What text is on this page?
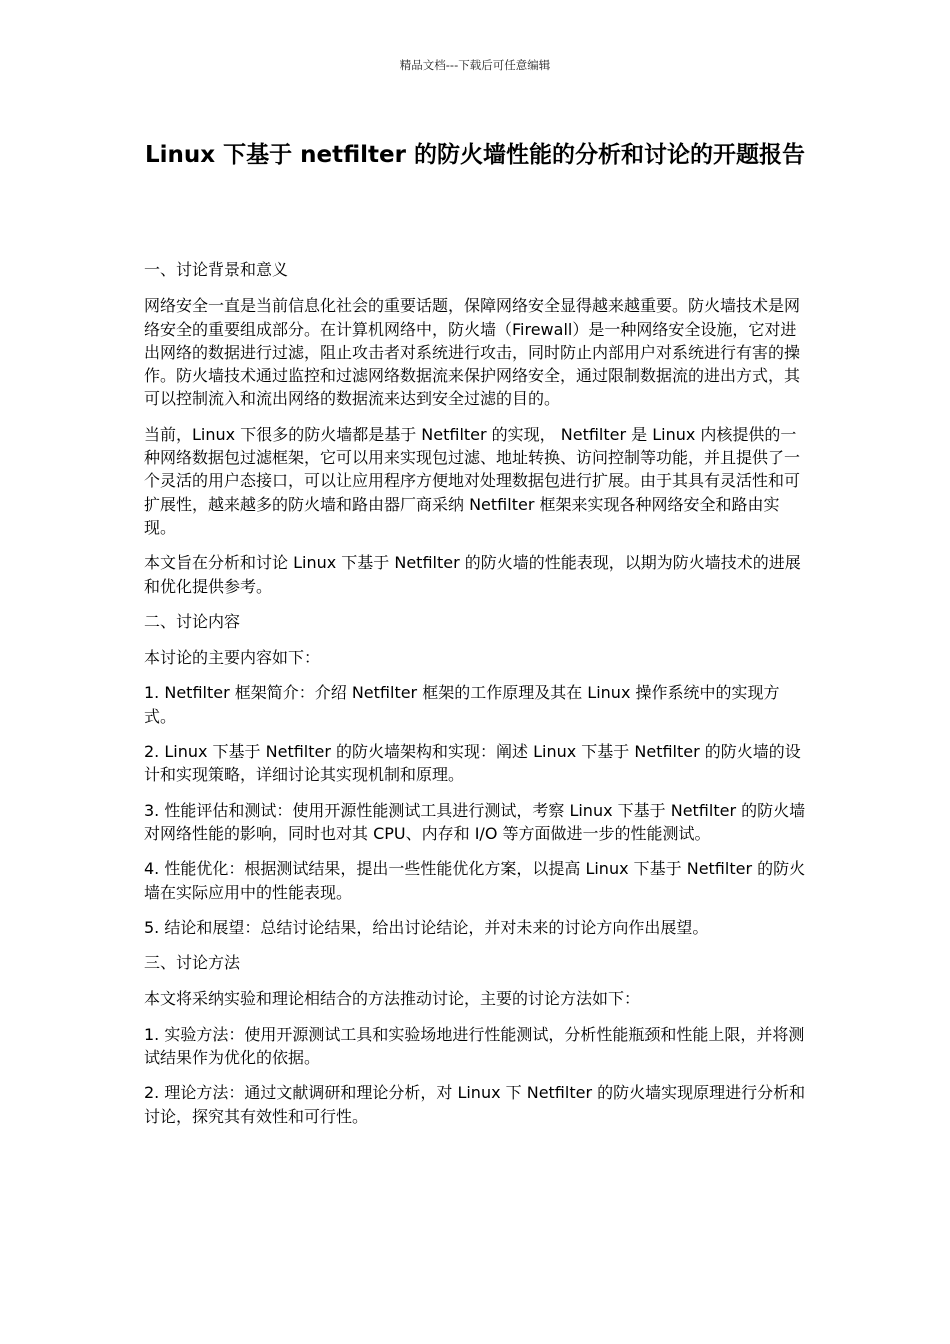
精品文档---下载后可任意编辑

Linux 下基于 netfilter 的防火墙性能的分析和讨论的开题报告

一、讨论背景和意义

网络安全一直是当前信息化社会的重要话题，保障网络安全显得越来越重要。防火墙技术是网络安全的重要组成部分。在计算机网络中，防火墙（Firewall）是一种网络安全设施，它对进出网络的数据进行过滤，阻止攻击者对系统进行攻击，同时防止内部用户对系统进行有害的操作。防火墙技术通过监控和过滤网络数据流来保护网络安全，通过限制数据流的进出方式，其可以控制流入和流出网络的数据流来达到安全过滤的目的。

当前，Linux 下很多的防火墙都是基于 Netfilter 的实现， Netfilter 是 Linux 内核提供的一种网络数据包过滤框架，它可以用来实现包过滤、地址转换、访问控制等功能，并且提供了一个灵活的用户态接口，可以让应用程序方便地对处理数据包进行扩展。由于其具有灵活性和可扩展性，越来越多的防火墙和路由器厂商采纳 Netfilter 框架来实现各种网络安全和路由实现。

本文旨在分析和讨论 Linux 下基于 Netfilter 的防火墙的性能表现，以期为防火墙技术的进展和优化提供参考。

二、讨论内容

本讨论的主要内容如下：

1. Netfilter 框架简介：介绍 Netfilter 框架的工作原理及其在 Linux 操作系统中的实现方式。

2. Linux 下基于 Netfilter 的防火墙架构和实现：阐述 Linux 下基于 Netfilter 的防火墙的设计和实现策略，详细讨论其实现机制和原理。

3. 性能评估和测试：使用开源性能测试工具进行测试，考察 Linux 下基于 Netfilter 的防火墙对网络性能的影响，同时也对其 CPU、内存和 I/O 等方面做进一步的性能测试。

4. 性能优化：根据测试结果，提出一些性能优化方案，以提高 Linux 下基于 Netfilter 的防火墙在实际应用中的性能表现。

5. 结论和展望：总结讨论结果，给出讨论结论，并对未来的讨论方向作出展望。

三、讨论方法

本文将采纳实验和理论相结合的方法推动讨论，主要的讨论方法如下：

1. 实验方法：使用开源测试工具和实验场地进行性能测试，分析性能瓶颈和性能上限，并将测试结果作为优化的依据。

2. 理论方法：通过文献调研和理论分析，对 Linux 下 Netfilter 的防火墙实现原理进行分析和讨论，探究其有效性和可行性。
